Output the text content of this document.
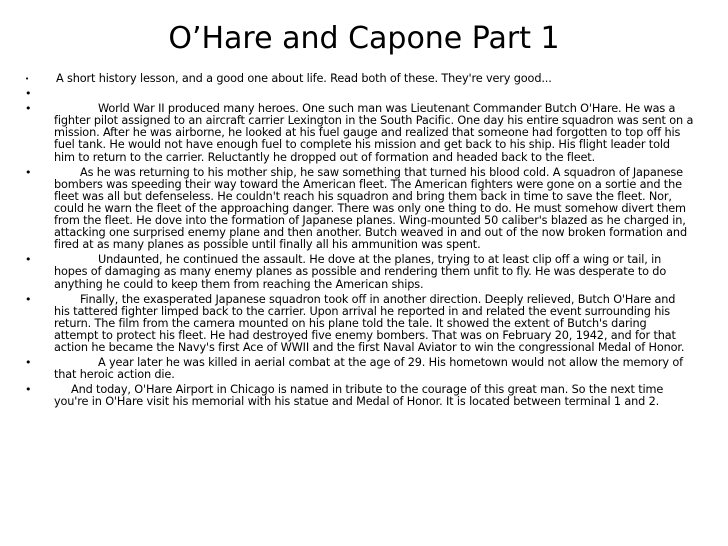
O’Hare and Capone Part 1
•	A short history lesson, and a good one about life. Read both of these. They're very good...
•

•	World War II produced many heroes. One such man was Lieutenant Commander Butch O'Hare. He was a fighter pilot assigned to an aircraft carrier Lexington in the South Pacific. One day his entire squadron was sent on a mission. After he was airborne, he looked at his fuel gauge and realized that someone had forgotten to top off his fuel tank. He would not have enough fuel to complete his mission and get back to his ship. His flight leader told him to return to the carrier. Reluctantly he dropped out of formation and headed back to the fleet.
•	As he was returning to his mother ship, he saw something that turned his blood cold. A squadron of Japanese bombers was speeding their way toward the American fleet. The American fighters were gone on a sortie and the fleet was all but defenseless. He couldn't reach his squadron and bring them back in time to save the fleet. Nor, could he warn the fleet of the approaching danger. There was only one thing to do. He must somehow divert them from the fleet. He dove into the formation of Japanese planes. Wing-mounted 50 caliber's blazed as he charged in, attacking one surprised enemy plane and then another. Butch weaved in and out of the now broken formation and fired at as many planes as possible until finally all his ammunition was spent.
•	Undaunted, he continued the assault. He dove at the planes, trying to at least clip off a wing or tail, in hopes of damaging as many enemy planes as possible and rendering them unfit to fly. He was desperate to do anything he could to keep them from reaching the American ships.
•	Finally, the exasperated Japanese squadron took off in another direction. Deeply relieved, Butch O'Hare and his tattered fighter limped back to the carrier. Upon arrival he reported in and related the event surrounding his return. The film from the camera mounted on his plane told the tale. It showed the extent of Butch's daring attempt to protect his fleet. He had destroyed five enemy bombers. That was on February 20, 1942, and for that action he became the Navy's first Ace of WWII and the first Naval Aviator to win the congressional Medal of Honor.
•	A year later he was killed in aerial combat at the age of 29. His hometown would not allow the memory of that heroic action die.
•	And today, O'Hare Airport in Chicago is named in tribute to the courage of this great man. So the next time you're in O'Hare visit his memorial with his statue and Medal of Honor. It is located between terminal 1 and 2.
